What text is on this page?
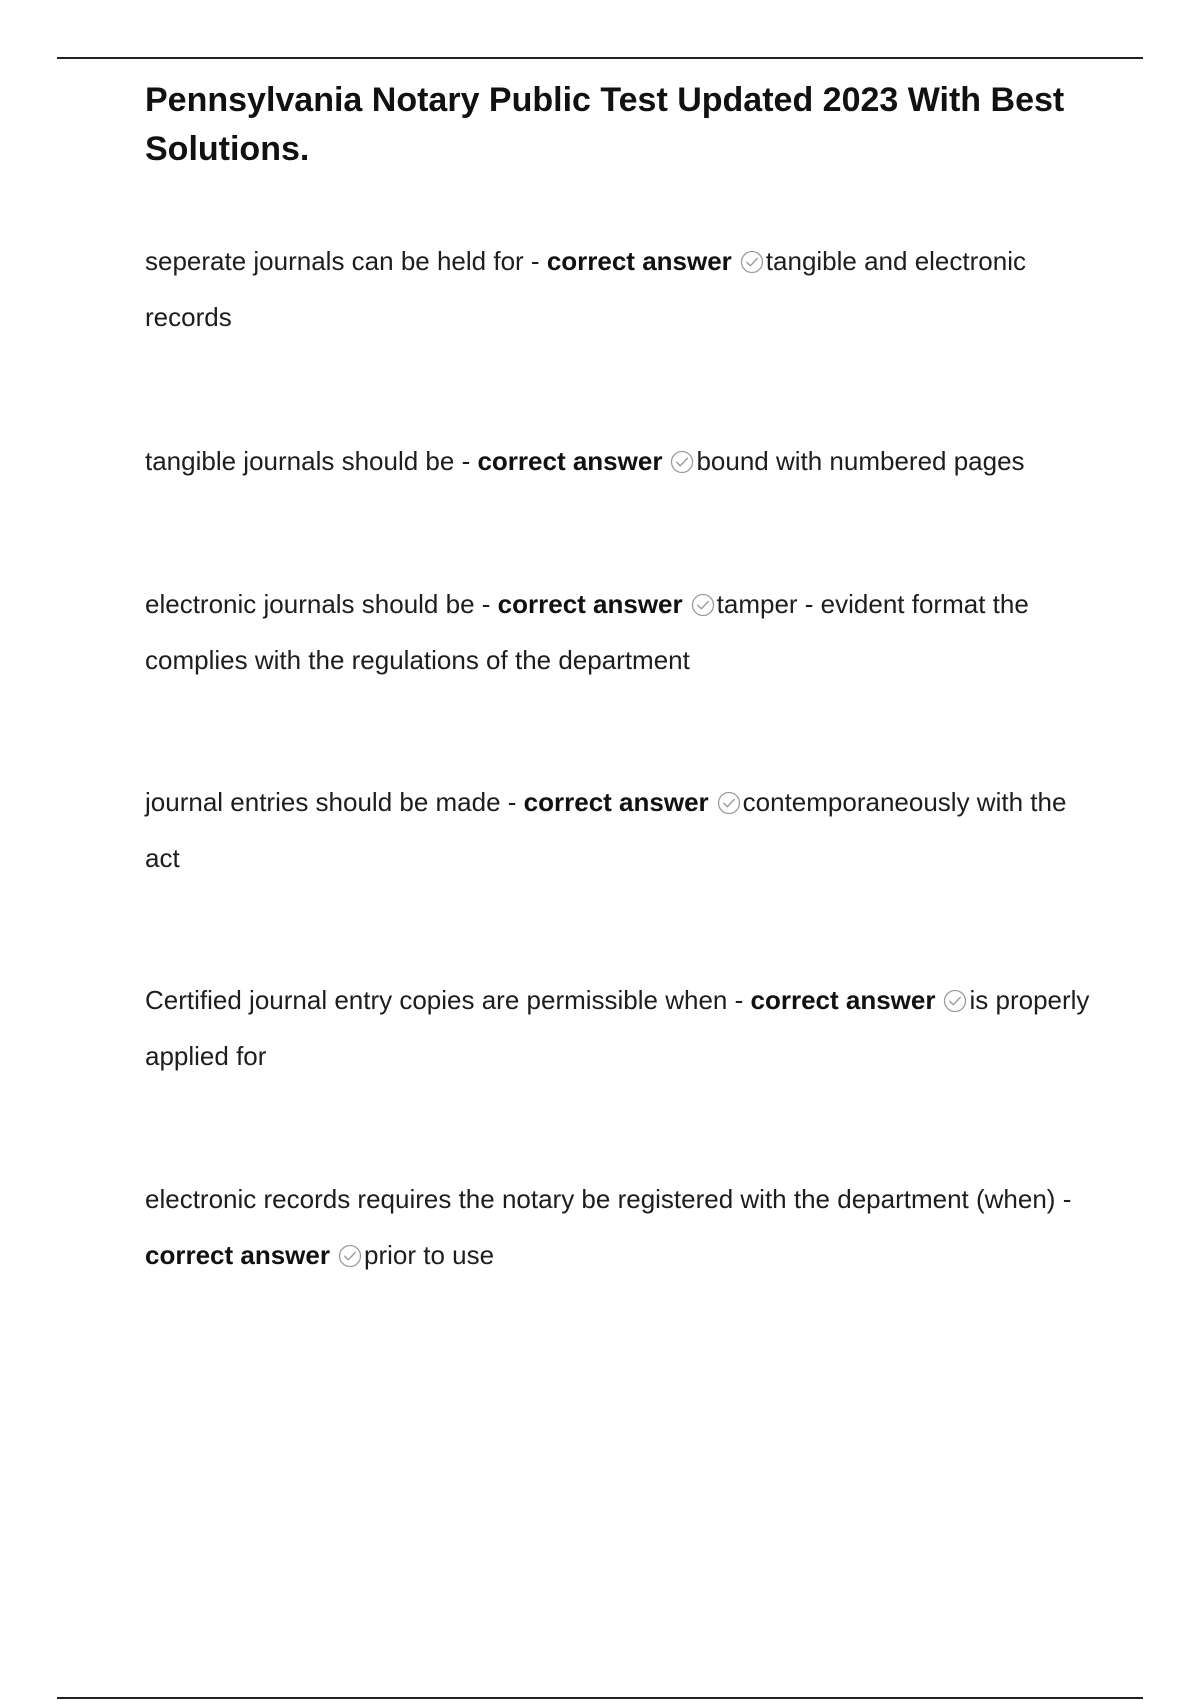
Pennsylvania Notary Public Test Updated 2023 With Best Solutions.

seperate journals can be held for - correct answer tangible and electronic records

tangible journals should be - correct answer bound with numbered pages

electronic journals should be - correct answer tamper - evident format the complies with the regulations of the department

journal entries should be made - correct answer contemporaneously with the act

Certified journal entry copies are permissible when - correct answer is properly applied for

electronic records requires the notary be registered with the department (when) - correct answer prior to use
